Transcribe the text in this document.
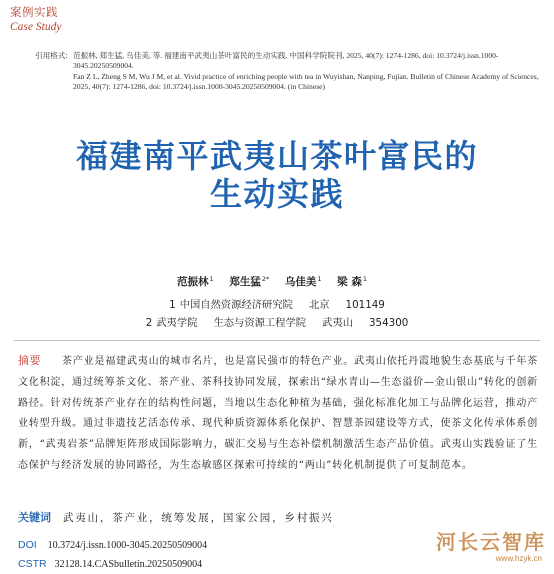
案例实践
Case Study
引用格式: 范振林, 郑生猛, 乌佳美, 等. 福建南平武夷山茶叶富民的生动实践. 中国科学院院刊, 2025, 40(7): 1274-1286, doi: 10.3724/j.issn.1000-3045.20250509004.
Fan Z L, Zheng S M, Wu J M, et al. Vivid practice of enriching people with tea in Wuyishan, Nanping, Fujian. Bulletin of Chinese Academy of Sciences, 2025, 40(7): 1274-1286, doi: 10.3724/j.issn.1000-3045.20250509004. (in Chinese)
福建南平武夷山茶叶富民的
生动实践
范振林$^1$ 郑生猛$^{2*}$ 乌佳美$^1$ 梁 森$^1$
1 中国自然资源经济研究院 北京 101149
2 武夷学院 生态与资源工程学院 武夷山 354300
摘要 茶产业是福建武夷山的城市名片，也是富民强市的特色产业。武夷山依托丹霞地貌生态基底与千年茶文化积淀，通过统筹茶文化、茶产业、茶科技协同发展，探索出“绿水青山—生态溢价—金山银山”转化的创新路径。针对传统茶产业存在的结构性问题，当地以生态化种植为基础，强化标准化加工与品牌化运营，推动产业转型升级。通过非遗技艺活态传承、现代种质资源体系化保护、智慧茶园建设等方式，使茶文化传承体系创新，“武夷岩茶”品牌矩阵形成国际影响力，碳汇交易与生态补偿机制激活生态产品价值。武夷山实践验证了生态保护与经济发展的协同路径，为生态敏感区探索可持续的“两山”转化机制提供了可复制范本。
关键词 武夷山，茶产业，统筹发展，国家公园，乡村振兴
DOI 10.3724/j.issn.1000-3045.20250509004
CSTR 32128.14.CASbulletin.20250509004
河长云智库
www.hzyk.cn
